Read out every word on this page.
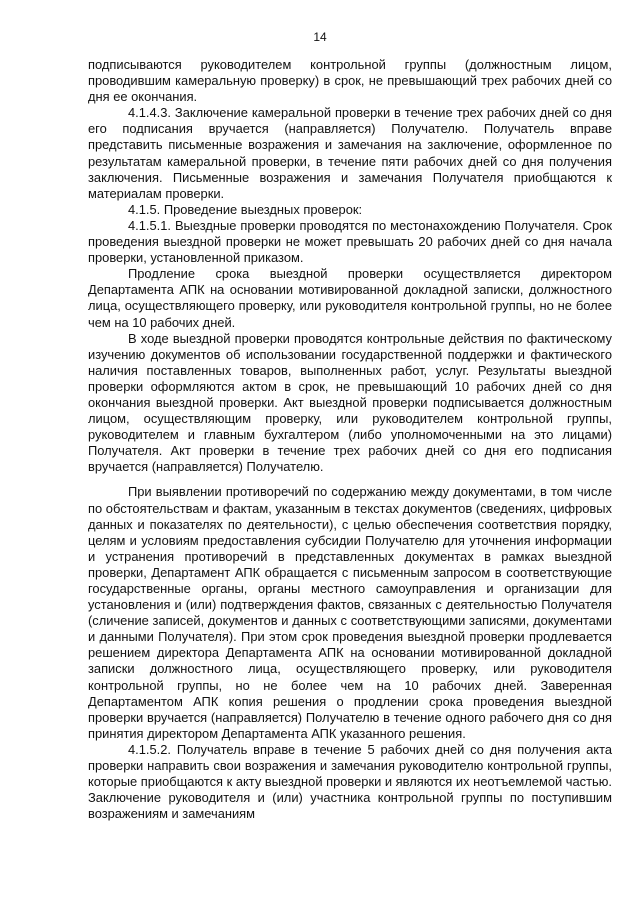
14

подписываются руководителем контрольной группы (должностным лицом, проводившим камеральную проверку) в срок, не превышающий трех рабочих дней со дня ее окончания.

4.1.4.3. Заключение камеральной проверки в течение трех рабочих дней со дня его подписания вручается (направляется) Получателю. Получатель вправе представить письменные возражения и замечания на заключение, оформленное по результатам камеральной проверки, в течение пяти рабочих дней со дня получения заключения. Письменные возражения и замечания Получателя приобщаются к материалам проверки.

4.1.5. Проведение выездных проверок:

4.1.5.1. Выездные проверки проводятся по местонахождению Получателя. Срок проведения выездной проверки не может превышать 20 рабочих дней со дня начала проверки, установленной приказом.

Продление срока выездной проверки осуществляется директором Департамента АПК на основании мотивированной докладной записки, должностного лица, осуществляющего проверку, или руководителя контрольной группы, но не более чем на 10 рабочих дней.

В ходе выездной проверки проводятся контрольные действия по фактическому изучению документов об использовании государственной поддержки и фактического наличия поставленных товаров, выполненных работ, услуг. Результаты выездной проверки оформляются актом в срок, не превышающий 10 рабочих дней со дня окончания выездной проверки. Акт выездной проверки подписывается должностным лицом, осуществляющим проверку, или руководителем контрольной группы, руководителем и главным бухгалтером (либо уполномоченными на это лицами) Получателя. Акт проверки в течение трех рабочих дней со дня его подписания вручается (направляется) Получателю.

При выявлении противоречий по содержанию между документами, в том числе по обстоятельствам и фактам, указанным в текстах документов (сведениях, цифровых данных и показателях по деятельности), с целью обеспечения соответствия порядку, целям и условиям предоставления субсидии Получателю для уточнения информации и устранения противоречий в представленных документах в рамках выездной проверки, Департамент АПК обращается с письменным запросом в соответствующие государственные органы, органы местного самоуправления и организации для установления и (или) подтверждения фактов, связанных с деятельностью Получателя (сличение записей, документов и данных с соответствующими записями, документами и данными Получателя). При этом срок проведения выездной проверки продлевается решением директора Департамента АПК на основании мотивированной докладной записки должностного лица, осуществляющего проверку, или руководителя контрольной группы, но не более чем на 10 рабочих дней. Заверенная Департаментом АПК копия решения о продлении срока проведения выездной проверки вручается (направляется) Получателю в течение одного рабочего дня со дня принятия директором Департамента АПК указанного решения.

4.1.5.2. Получатель вправе в течение 5 рабочих дней со дня получения акта проверки направить свои возражения и замечания руководителю контрольной группы, которые приобщаются к акту выездной проверки и являются их неотъемлемой частью. Заключение руководителя и (или) участника контрольной группы по поступившим возражениям и замечаниям
